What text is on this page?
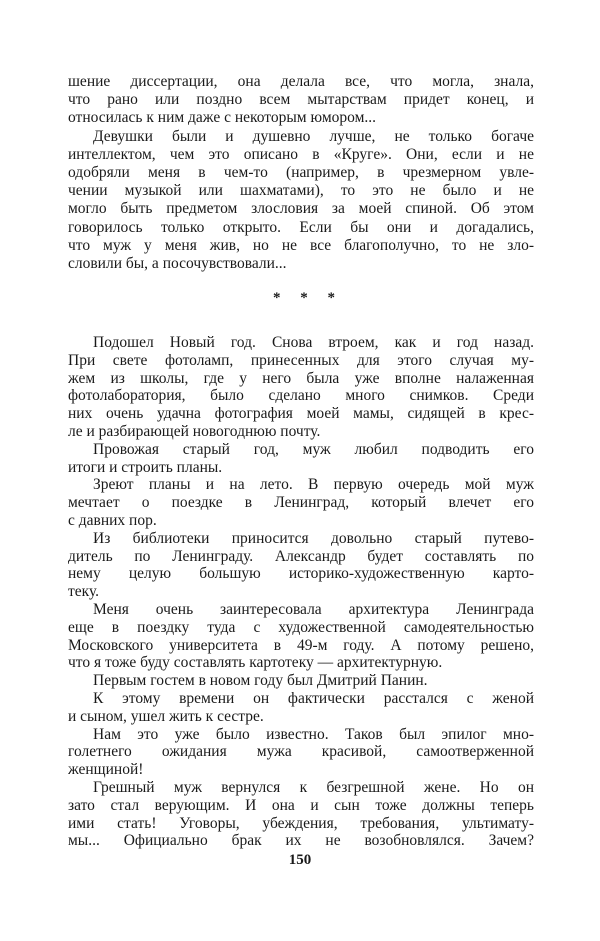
шение диссертации, она делала все, что могла, знала,
что рано или поздно всем мытарствам придет конец, и
относилась к ним даже с некоторым юмором...
Девушки были и душевно лучше, не только богаче
интеллектом, чем это описано в «Круге». Они, если и не
одобряли меня в чем-то (например, в чрезмерном увле-
чении музыкой или шахматами), то это не было и не
могло быть предметом злословия за моей спиной. Об этом
говорилось только открыто. Если бы они и догадались,
что муж у меня жив, но не все благополучно, то не зло-
словили бы, а посочувствовали...
* * *
Подошел Новый год. Снова втроем, как и год назад.
При свете фотоламп, принесенных для этого случая му-
жем из школы, где у него была уже вполне налаженная
фотолаборатория, было сделано много снимков. Среди
них очень удачна фотография моей мамы, сидящей в крес-
ле и разбирающей новогоднюю почту.
Провожая старый год, муж любил подводить его
итоги и строить планы.
Зреют планы и на лето. В первую очередь мой муж
мечтает о поездке в Ленинград, который влечет его
с давних пор.
Из библиотеки приносится довольно старый путево-
дитель по Ленинграду. Александр будет составлять по
нему целую большую историко-художественную карто-
теку.
Меня очень заинтересовала архитектура Ленинграда
еще в поездку туда с художественной самодеятельностью
Московского университета в 49-м году. А потому решено,
что я тоже буду составлять картотеку — архитектурную.
Первым гостем в новом году был Дмитрий Панин.
К этому времени он фактически расстался с женой
и сыном, ушел жить к сестре.
Нам это уже было известно. Таков был эпилог мно-
голетнего ожидания мужа красивой, самоотверженной
женщиной!
Грешный муж вернулся к безгрешной жене. Но он
зато стал верующим. И она и сын тоже должны теперь
ими стать! Уговоры, убеждения, требования, ультимату-
мы... Официально брак их не возобновлялся. Зачем?
150
